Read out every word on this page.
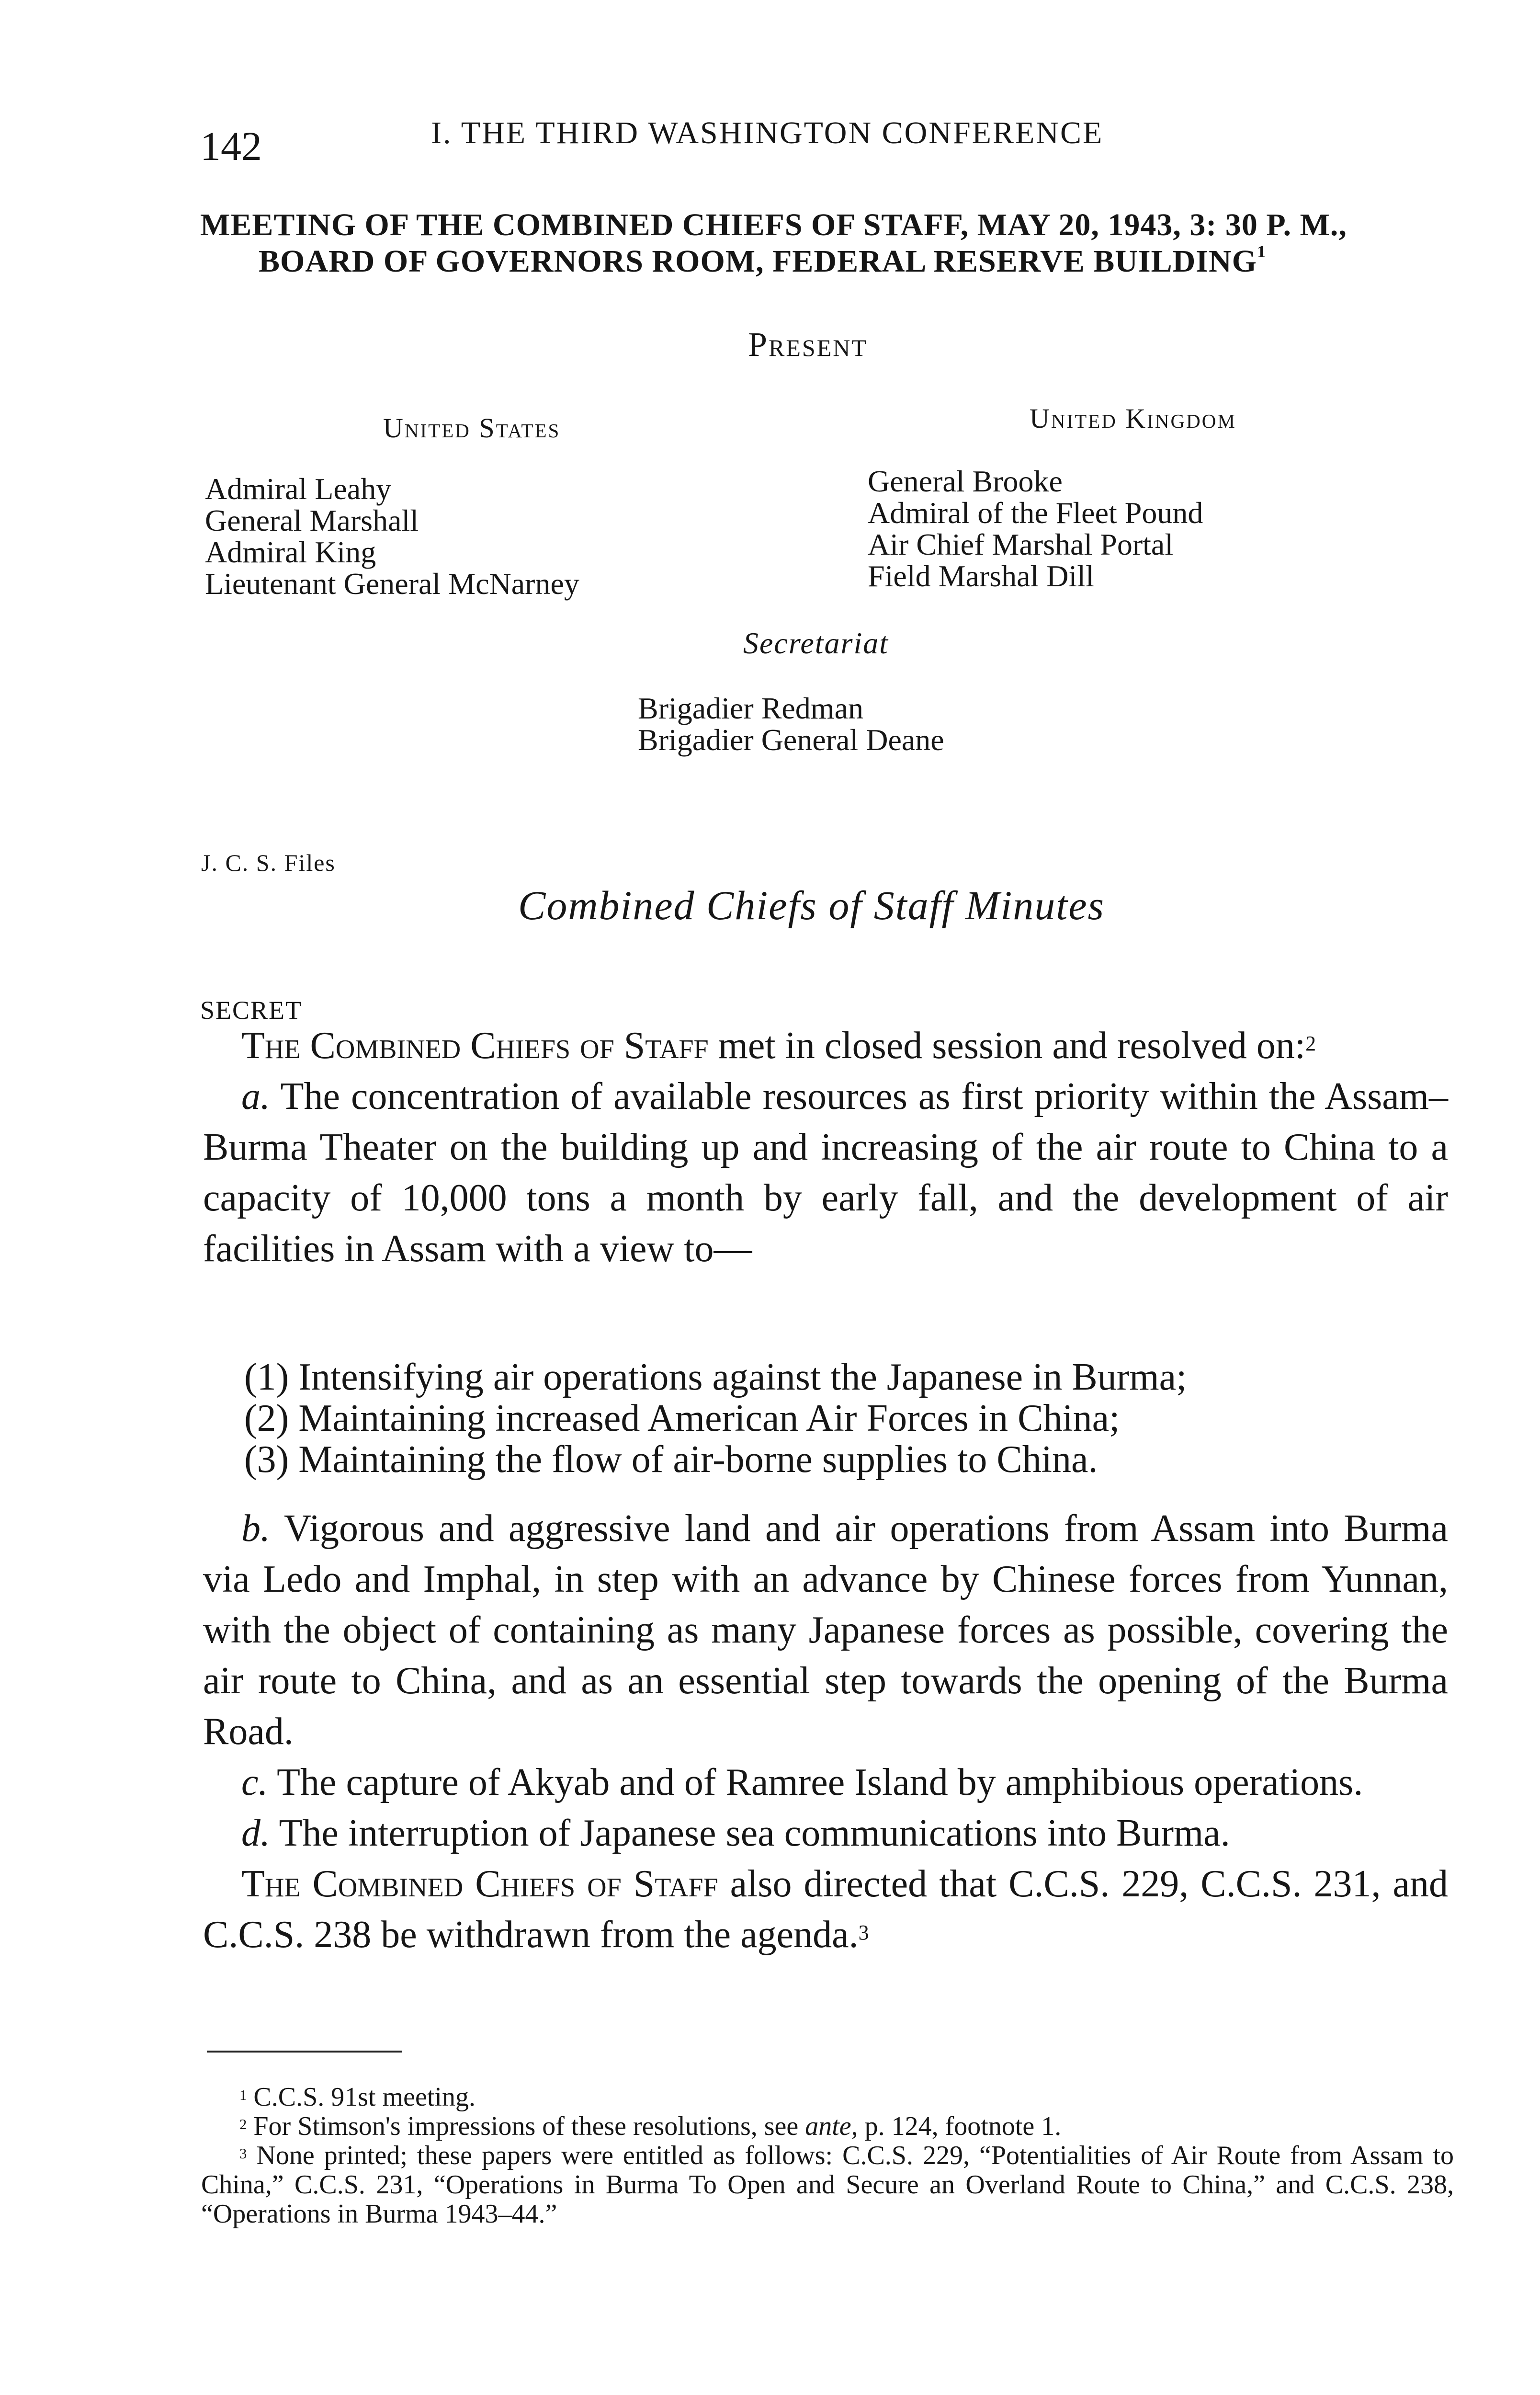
142	I. THE THIRD WASHINGTON CONFERENCE
MEETING OF THE COMBINED CHIEFS OF STAFF, MAY 20, 1943, 3: 30 P. M.,
BOARD OF GOVERNORS ROOM, FEDERAL RESERVE BUILDING$^1$
Present
United States	United Kingdom
Admiral Leahy
General Marshall
Admiral King
Lieutenant General McNarney
General Brooke
Admiral of the Fleet Pound
Air Chief Marshal Portal
Field Marshal Dill
Secretariat
Brigadier Redman
Brigadier General Deane
J. C. S. Files
Combined Chiefs of Staff Minutes
SECRET

The Combined Chiefs of Staff met in closed session and resolved on:$^2$

a. The concentration of available resources as first priority within the Assam–Burma Theater on the building up and increasing of the air route to China to a capacity of 10,000 tons a month by early fall, and the development of air facilities in Assam with a view to—

(1) Intensifying air operations against the Japanese in Burma;
(2) Maintaining increased American Air Forces in China;
(3) Maintaining the flow of air-borne supplies to China.

b. Vigorous and aggressive land and air operations from Assam into Burma via Ledo and Imphal, in step with an advance by Chinese forces from Yunnan, with the object of containing as many Japanese forces as possible, covering the air route to China, and as an essential step towards the opening of the Burma Road.

c. The capture of Akyab and of Ramree Island by amphibious operations.

d. The interruption of Japanese sea communications into Burma.

The Combined Chiefs of Staff also directed that C.C.S. 229, C.C.S. 231, and C.C.S. 238 be withdrawn from the agenda.$^3$

$^1$ C.C.S. 91st meeting.

$^2$ For Stimson's impressions of these resolutions, see ante, p. 124, footnote 1.

$^3$ None printed; these papers were entitled as follows: C.C.S. 229, “Potentialities of Air Route from Assam to China,” C.C.S. 231, “Operations in Burma To Open and Secure an Overland Route to China,” and C.C.S. 238, “Operations in Burma 1943–44.”
